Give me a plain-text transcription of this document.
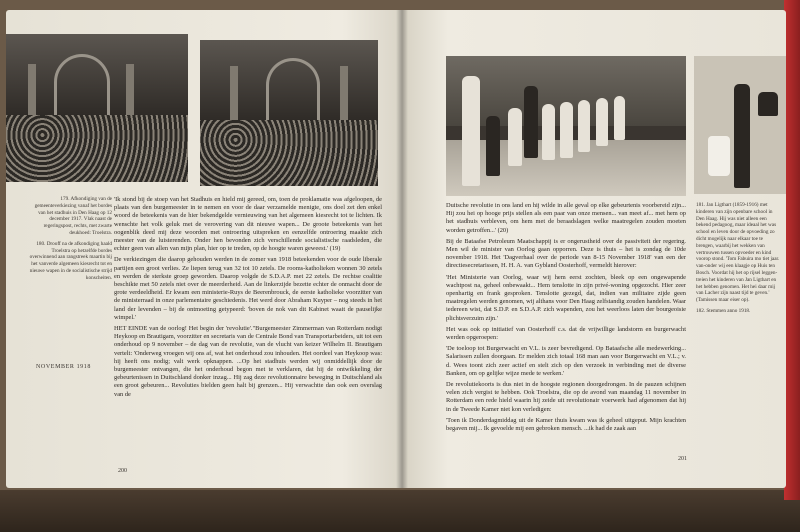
179. Afkondiging van de gemeenteverkiezing vanaf het bordes van het stadhuis in Den Haag op 12 december 1917. Vlak naast de regeringspost, rechts, met zwarte deukhoed: Troelstra.

180. Drooff na de afkondiging haald Troelstra op hetzelfde bordes overwinnend aan rangstreek maartin bij het vanverde algemeen kiesrecht tot en nieuwe wapen in de socialistische strijd konscheiten.

NOVEMBER 1918

'Ik stond bij de stoep van het Stadhuis en hield mij gereed, om, toen de proklamatie was afgeloopen, de plaats van den burgemeester in te nemen en voor de daar verzamelde menigte, ons doel zet den enkel woord de beteekenis van de hier bekendgelde vernieuwing van het algemeen kiesrecht tot te lichten. Ik wenschte het volk geluk met de verovering van dit nieuwe wapen... De groote beteekenis van het oogenblik deed mij deze woorden met ontroering uitspreken en eenzelfde ontroering maakte zich meester van de luisterenden. Onder hen bevonden zich verschillende socialistische raadsleden, die echter geen van allen van mijn plan, hier op te treden, op de hoogte waren geweest.' (19)

De verkiezingen die daarop gehouden werden in de zomer van 1918 beteekenden voor de oude liberale partijen een groot verlies. Ze liepen terug van 32 tot 10 zetels. De rooms-katholieken wonnen 30 zetels en werden de sterkste groep geworden. Daarop volgde de S.D.A.P. met 22 zetels. De rechtse coalitie beschikte met 50 zetels niet over de meerderheid. Aan de linkerzijde bezette echter de onmacht door de grote verdeeldheid. Er kwam een ministerie-Ruys de Beerenbrouck, de eerste katholieke voorzitter van de ministerraad in onze parlementaire geschiedenis. Het werd door Abraham Kuyper – nog steeds in het land der levenden – bij de ontmoeting getypeerd: 'boven de nok van dit Kabinet waait de pauselijke wimpel.'

HET EINDE van de oorlog! Het begin der 'revolutie'."Burgemeester Zimmerman van Rotterdam nodigt Heykoop en Brautigam, voorzitter en secretaris van de Centrale Bond van Transportarbeiders, uit tot een onderhoud op 9 november – de dag van de revolutie, van de vlucht van keizer Wilhelm II. Brautigam vertelt: 'Onderweg vroegen wij ons af, wat het onderhoud zou inhouden. Het oordeel van Heykoop was: hij heeft ons nodig; valt werk opknappen. ...Op het stadhuis werden wij onmiddellijk door de burgemeester ontvangen, die het onderhoud begon met te verklaren, dat hij de ontwikkeling der gebeurtenissen in Duitschland donker inzag... Hij zag deze revolutionnaire beweging in Duitschland als een groot gebeuren... Revoluties bielden geen halt bij grenzen... Hij verwachtte dan ook een overslag van de

200

Duitsche revolutie in ons land en hij wilde in alle geval op elke gebeurtenis voorbereid zijn... Hij zou hei op hooge prijs stellen als een paar van onze mensen... van meet af... met hem op het stadhuis verbleven, om hem met de beraadslagen welke maatregelen zouden moeten worden getroffen...' (20)

Bij de Bataafse Petroleum Maatschappij is er ongerustheid over de passiviteit der regering. Men wil de minister van Oorlog gaan opporren. Deze is thuis – het is zondag de 10de november 1918. Het 'Dagverhaal over de periode van 8-15 November 1918' van een der directiesecretarissen, H. H. A. van Gybland Oosterhoff, vermeldt hierover:

'Het Ministerie van Oorlog, waar wij hem eerst zochten, bleek op een ongewapende wachtpost na, geheel onbewaakt... Hem tenslotte in zijn privé-woning opgezocht. Hier zeer openhartig en frank gesproken. Tenslotte gezegd, dat, indien van militaire zijde geen maatregelen werden genomen, wij althans voor Den Haag zelfstandig zouden handelen. Waar iedereen wist, dat S.D.P. en S.D.A.P. zich wapenden, zou het weerloos laten der bourgeoisie plichtsverzuim zijn.'

Het was ook op initiatief van Oosterhoff c.s. dat de vrijwillige landstorm en burgerwacht werden opgeroepen:

'De toeloop tot Burgerwacht en V.L. is zeer bevredigend. Op Bataafsche alle medewerking... Salarissen zullen doorgaan. Er melden zich totaal 168 man aan voor Burgerwacht en V.L.; v. d. Wees toont zich zeer actief en stelt zich op den verzoek in verbinding met de diverse Banken, om op gelijke wijze mede te werken.'

De revolutiekoorts is dus niet in de hoogste regionen doorgedrongen. In de pauzen schijnen velen zich vergist te hebben. Ook Troelstra, die op de avond van maandag 11 november in Rotterdam een rede hield waarin hij zeide uit revolutionair voerwerk had afgenomen dat hij in de Tweede Kamer niet kon verledigen:

'Toen ik Donderdagmiddag uit de Kamer thuis kwam was ik geheel uitgeput. Mijn krachten begaven mij... Ik gevoelde mij een gebroken mensch. ...ik had de zaak aan

181. Jan Ligthart (1859-1916) met kinderen van zijn openbare school in Den Haag. Hij was niet alleen een bekend pedagoog, maar ideaal het was school en leven door de opvoeding zo dicht mogelijk naar elkaar toe te brengen, waarbij het wekken van vertrouwen tussen opvoeder en kind voorop stond. 'Tom Fabuira mo tiet jaar. van-onder wij een klaagje op Huis ten Bosch. Voordat hij het op rijsel leggen-treien het kinderen van Jan Ligthart en het hebben genomen. Het hei daar mij van Lacher zijn naast tijd te geven.' (Tamissen maar eiser op).

182. Stemmen anno 1918.

201
